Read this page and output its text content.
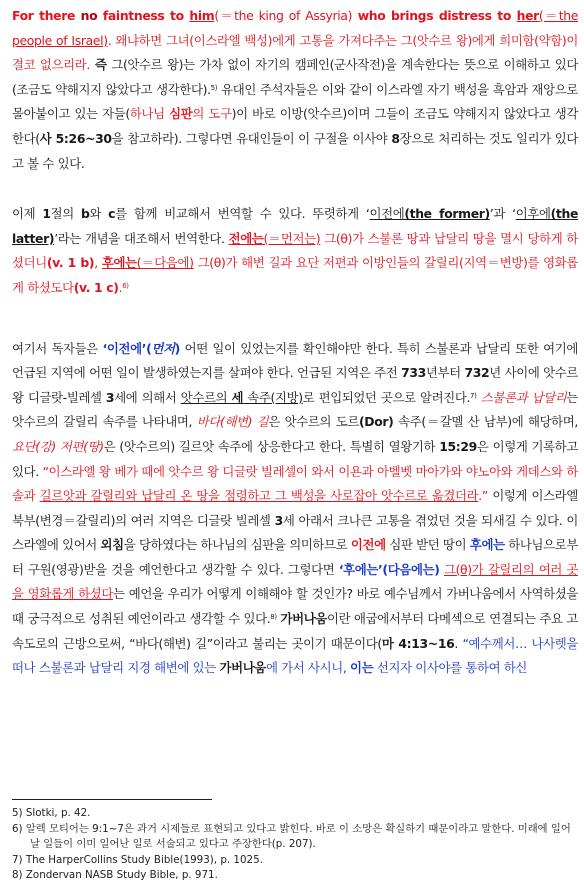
For there no faintness to him(＝the king of Assyria) who brings distress to her(＝the people of Israel). 왜냐하면 그녀(이스라엘 백성)에게 고통을 가져다주는 그(앗수르 왕)에게 희미함(약함)이 결코 없으리라. 즉 그(앗수르 왕)는 가차 없이 자기의 캠페인(군사작전)을 계속한다는 뜻으로 이해하고 있다(조금도 약해지지 않았다고 생각한다).$^{5)}$ 유대인 주석자들은 이와 같이 이스라엘 자기 백성을 흑암과 재앙으로 몰아붙이고 있는 자들(하나님 심판의 도구)이 바로 이방(앗수르)이며 그들이 조금도 약해지지 않았다고 생각한다(사 5:26~30을 참고하라). 그렇다면 유대인들이 이 구절을 이사야 8장으로 처리하는 것도 일리가 있다고 볼 수 있다.

이제 1절의 b와 c를 함께 비교해서 번역할 수 있다. 뚜렷하게 ‘이전에(the former)’과 ‘이후에(the latter)’라는 개념을 대조해서 번역한다. 전에는(＝먼저는) 그(θ)가 스불론 땅과 납달리 땅을 멸시 당하게 하셨더니(v. 1 b), 후에는(＝다음에) 그(θ)가 해변 길과 요단 저편과 이방인들의 갈릴리(지역＝변방)를 영화롭게 하셨도다(v. 1 c).$^{6)}$

여기서 독자들은 ‘이전에’(먼저) 어떤 일이 있었는지를 확인해야만 한다. 특히 스불론과 납달리 또한 여기에 언급된 지역에 어떤 일이 발생하였는지를 살펴야 한다. 언급된 지역은 주전 733년부터 732년 사이에 앗수르 왕 디글랏-빌레셀 3세에 의해서 앗수르의 세 속주(지방)로 편입되었던 곳으로 알려진다.$^{7)}$ 스불론과 납달리는 앗수르의 갈릴리 속주를 나타내며, 바다(해변) 길은 앗수르의 도르(Dor) 속주(＝갈멜 산 남부)에 해당하며, 요단(강) 저편(땅)은 (앗수르의) 길르앗 속주에 상응한다고 한다. 특별히 열왕기하 15:29은 이렇게 기록하고 있다. “이스라엘 왕 베가 때에 앗수르 왕 디글랏 빌레셀이 와서 이욘과 아벨벳 마아가와 야노아와 게데스와 하솔과 길르앗과 갈릴리와 납달리 온 땅을 점령하고 그 백성을 사로잡아 앗수르로 옮겼더라.” 이렇게 이스라엘 북부(변경＝갈릴리)의 여러 지역은 디글랏 빌레셀 3세 아래서 크나큰 고통을 겪었던 것을 되새길 수 있다. 이스라엘에 있어서 외침을 당하였다는 하나님의 심판을 의미하므로 이전에 심판 받던 땅이 후에는 하나님으로부터 구원(영광)받을 것을 예언한다고 생각할 수 있다. 그렇다면 ‘후에는’(다음에는) 그(θ)가 갈릴리의 여러 곳을 영화롭게 하셨다는 예언을 우리가 어떻게 이해해야 할 것인가? 바로 예수님께서 가버나움에서 사역하셨을 때 궁극적으로 성취된 예언이라고 생각할 수 있다.$^{8)}$ 가버나움이란 애굽에서부터 다메섹으로 연결되는 주요 고속도로의 근방으로써, “바다(해변) 길”이라고 불리는 곳이기 때문이다(마 4:13~16. “예수께서… 나사렛을 떠나 스불론과 납달리 지경 해변에 있는 가버나움에 가서 사시니, 이는 선지자 이사야를 통하여 하신

5) Slotki, p. 42.

6) 알렉 모티어는 9:1~7은 과거 시제들로 표현되고 있다고 밝힌다. 바로 이 소망은 확실하기 때문이라고 말한다. 미래에 일어날 일들이 이미 일어난 일로 서술되고 있다고 주장한다(p. 207).

7) The HarperCollins Study Bible(1993), p. 1025.

8) Zondervan NASB Study Bible, p. 971.
